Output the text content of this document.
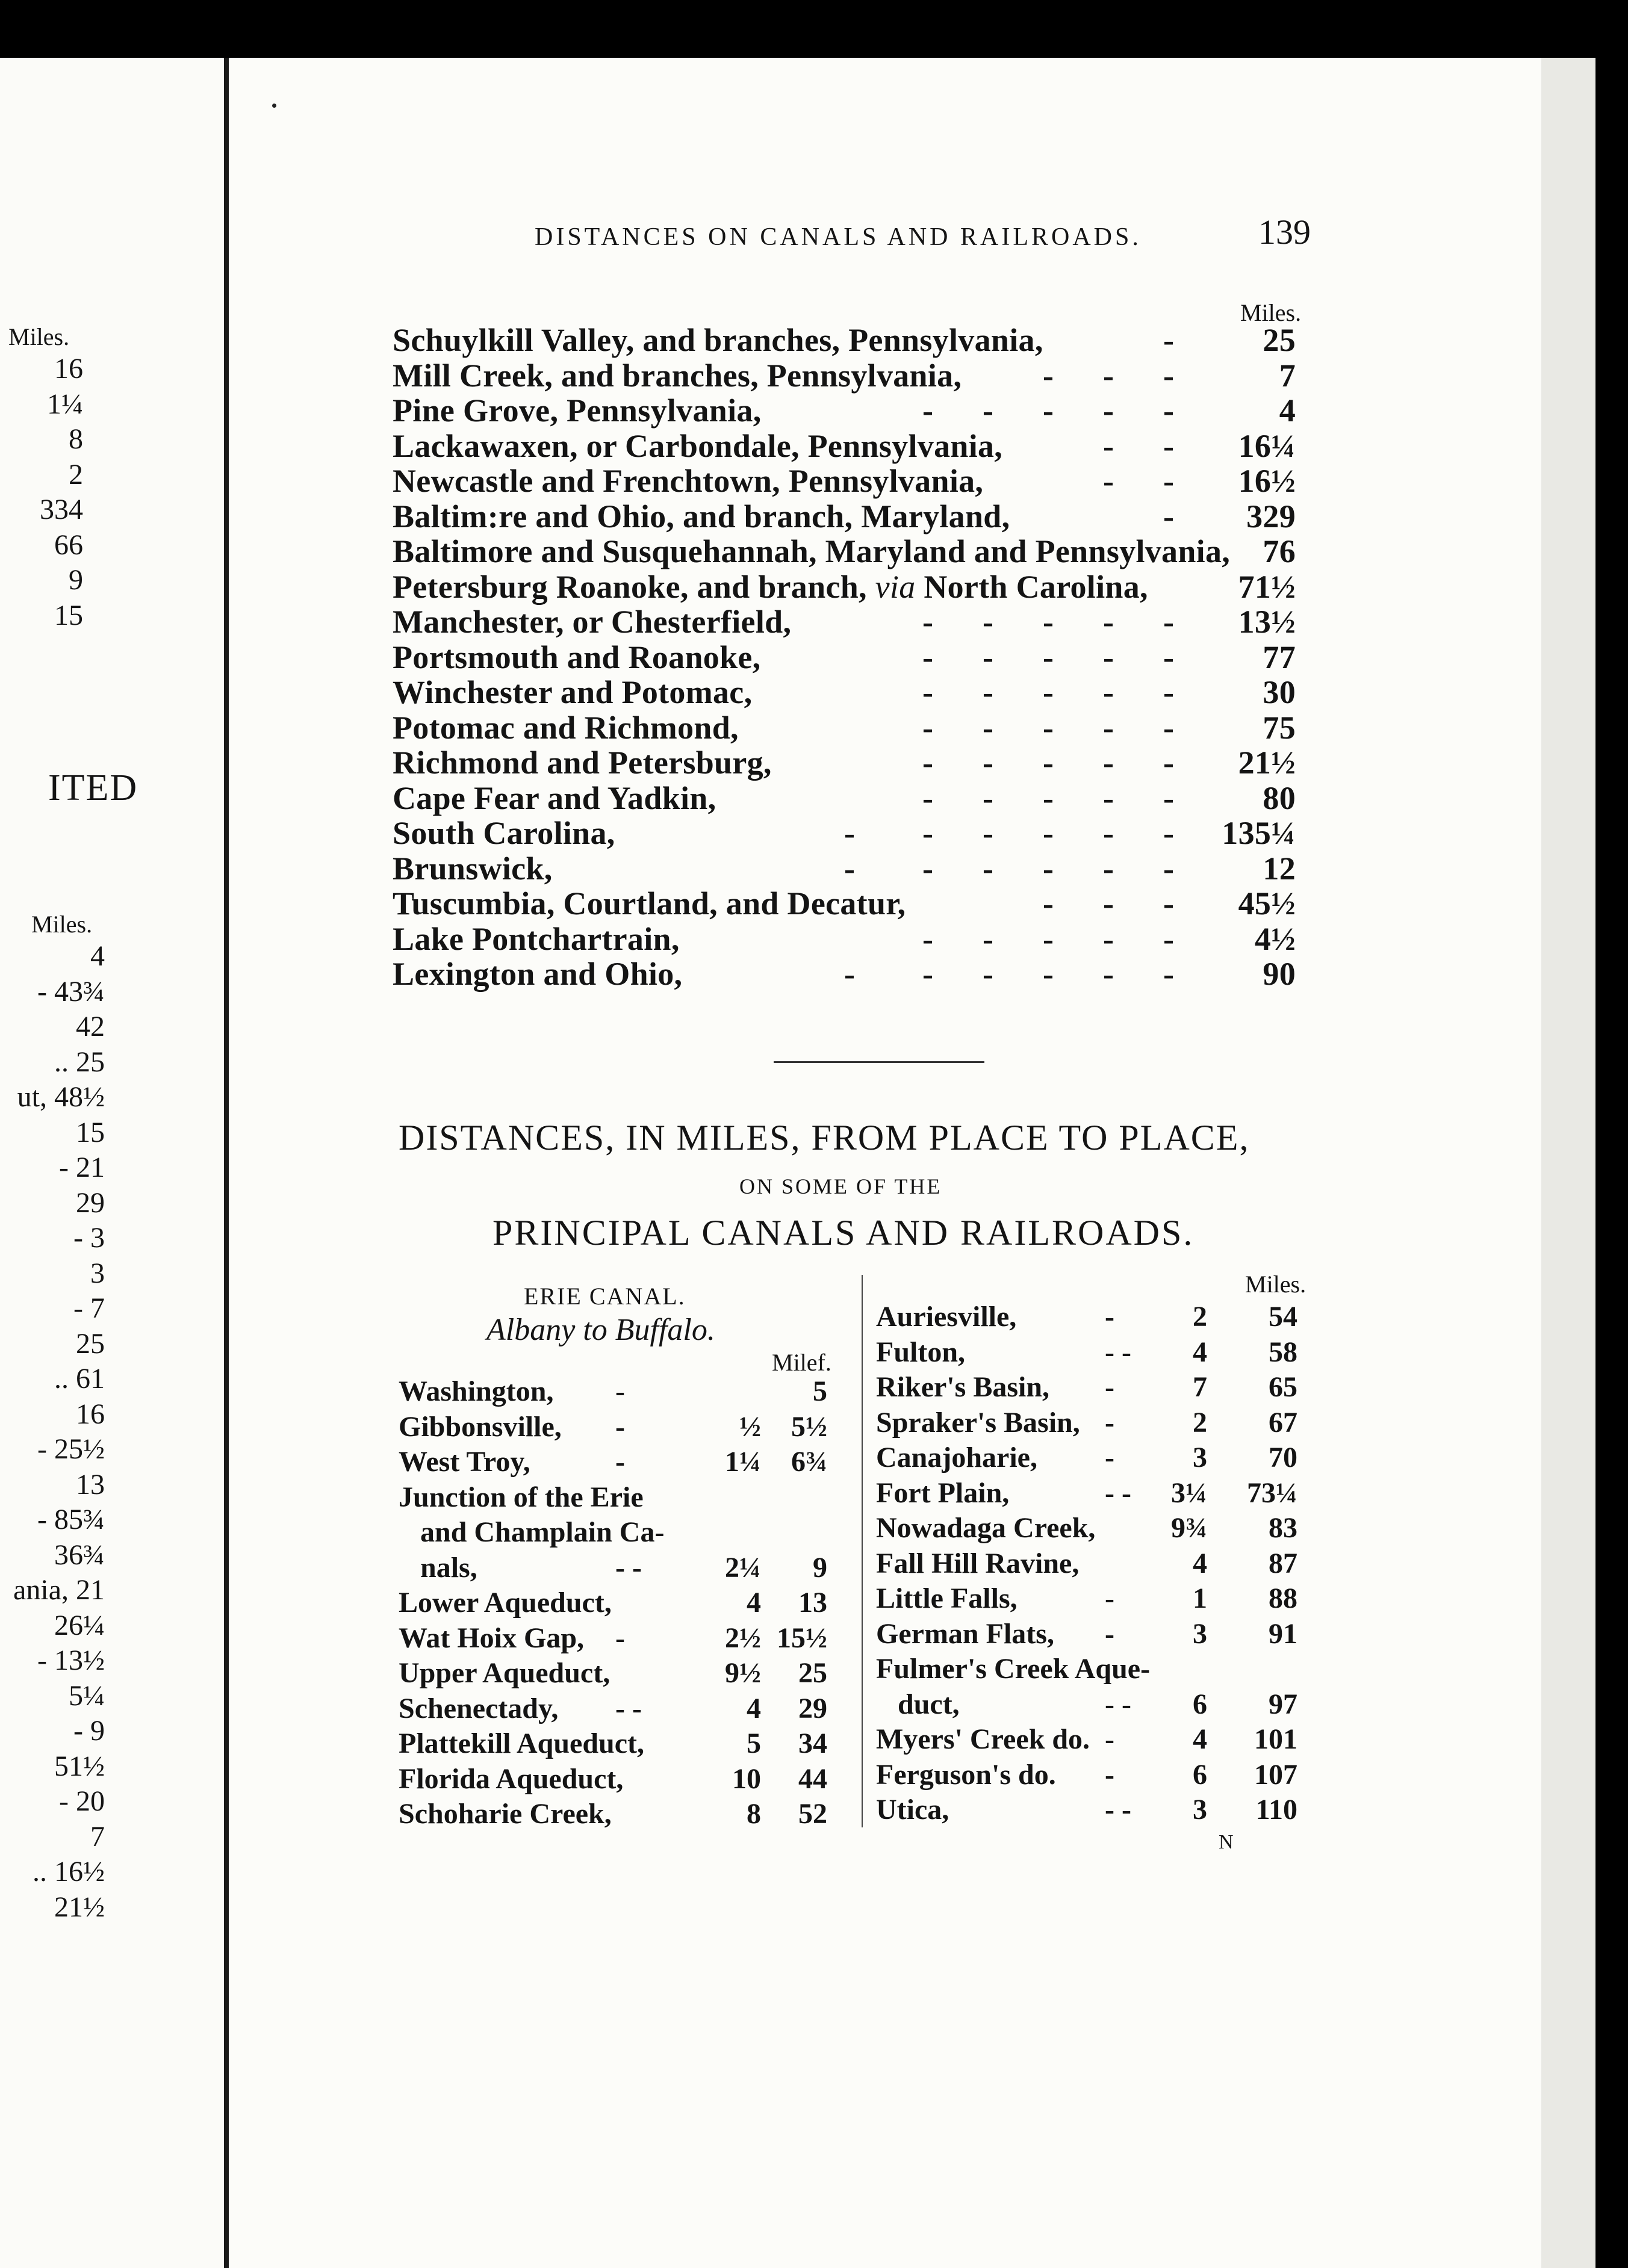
Miles.
16
1¼
8
2
334
66
9
15
ITED
Miles.
4
- 43¾
42
.. 25
ut, 48½
15
- 21
29
- 3
3
- 7
25
.. 61
16
- 25½
13
- 85¾
36¾
ania, 21
26¼
- 13½
5¼
- 9
51½
- 20
7
.. 16½
21½
DISTANCES ON CANALS AND RAILROADS.	139
Miles.
Schuylkill Valley, and branches, Pennsylvania,	-	25
Mill Creek, and branches, Pennsylvania, - - -	7
Pine Grove, Pennsylvania,	- - - - -	4
Lackawaxen, or Carbondale, Pennsylvania,	- - 16¼
Newcastle and Frenchtown, Pennsylvania,	- - 16½
Baltim:re and Ohio, and branch, Maryland,	- 329
Baltimore and Susquehannah, Maryland and Pennsylvania, 76
Petersburg Roanoke, and branch, via North Carolina,	71½
Manchester, or Chesterfield,	- - - - - 13½
Portsmouth and Roanoke,	- - - - -	77
Winchester and Potomac,	- - - - -	30
Potomac and Richmond,	- - - - -	75
Richmond and Petersburg,	- - - - - 21½
Cape Fear and Yadkin,	- - - - -	80
South Carolina,	- - - - - - 135¼
Brunswick,	- - - - - -	12
Tuscumbia, Courtland, and Decatur,	- - - 45½
Lake Pontchartrain,	- - - - - 4½
Lexington and Ohio,	- - - - - -	90
DISTANCES, IN MILES, FROM PLACE TO PLACE,
ON SOME OF THE
PRINCIPAL CANALS AND RAILROADS.
ERIE CANAL.
Albany to Buffalo.
Milef.
Miles.
Washington, -	5
Gibbonsville, -	½ 5½
West Troy,	-	1¼ 6¾
Junction of the Erie
and Champlain Ca-
nals,	- -	2¼ 9
Lower Aqueduct,	4 13
Wat Hoix Gap, -	2½ 15½
Upper Aqueduct,	9½ 25
Schenectady, - -	4 29
Plattekill Aqueduct,	5 34
Florida Aqueduct,	10 44
Schoharie Creek,	8 52
Auriesville,	-	2 54
Fulton,	- - 4 58
Riker's Basin, -	7 65
Spraker's Basin, -	2 67
Canajoharie, -	3 70
Fort Plain,	- - 3¼ 73¼
Nowadaga Creek,	9¾ 83
Fall Hill Ravine,	4 87
Little Falls,	-	1 88
German Flats, -	3 91
Fulmer's Creek Aque-
duct,	- - 6 97
Myers' Creek do. -	4 101
Ferguson's do. -	6 107
Utica,	- - 3 110
N
